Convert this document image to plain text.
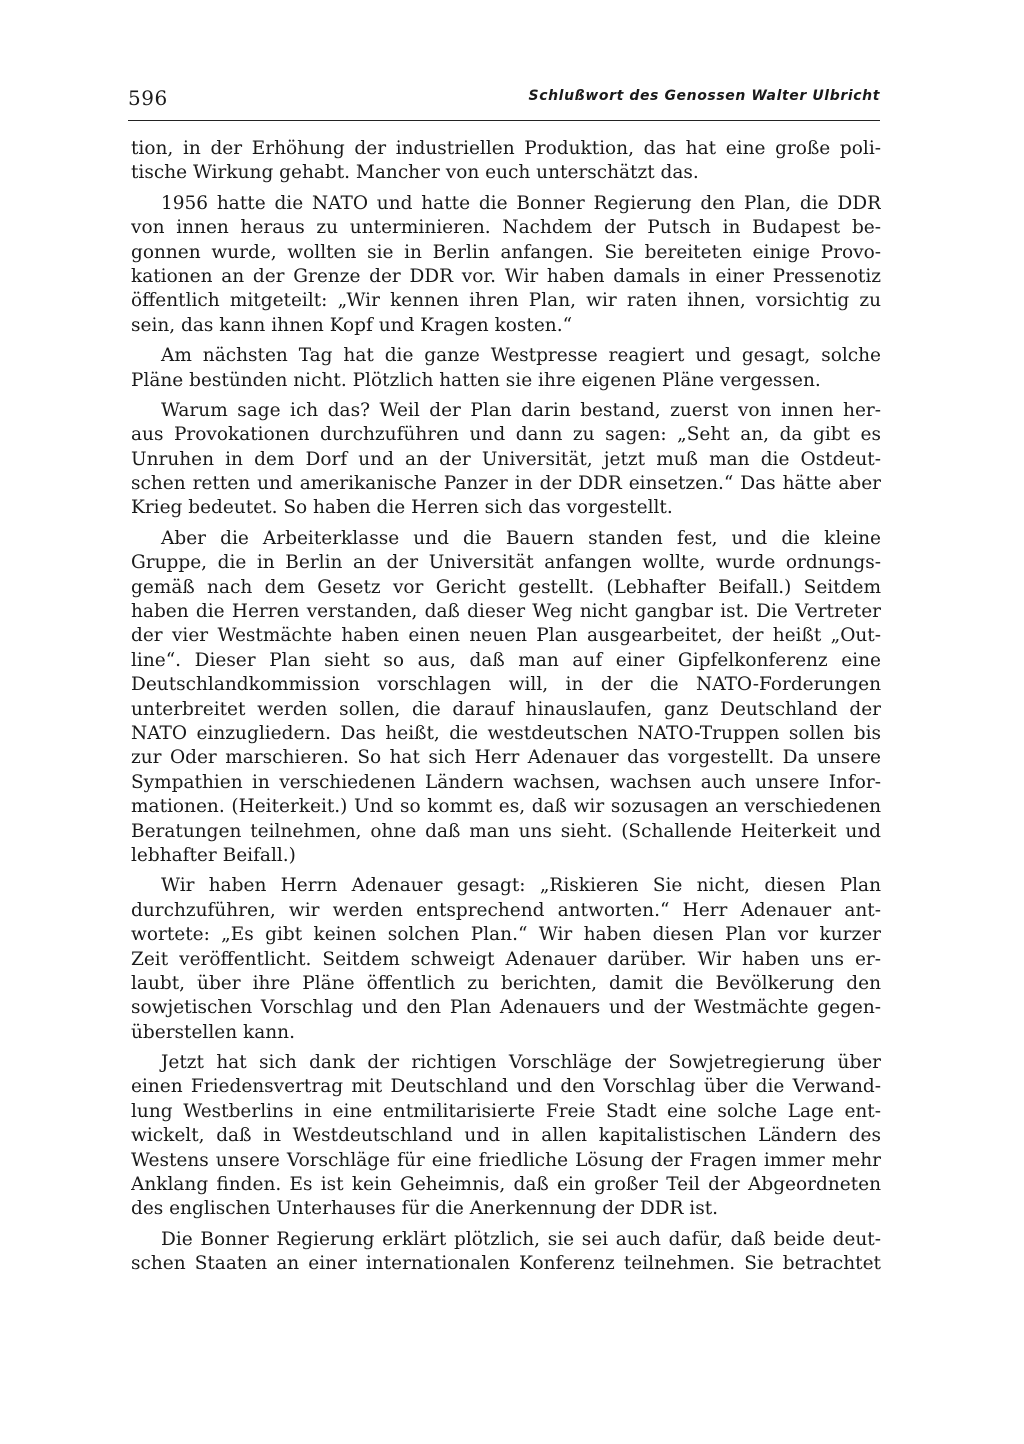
596	Schlußwort des Genossen Walter Ulbricht
tion, in der Erhöhung der industriellen Produktion, das hat eine große poli-
tische Wirkung gehabt. Mancher von euch unterschätzt das.
1956 hatte die NATO und hatte die Bonner Regierung den Plan, die DDR
von innen heraus zu unterminieren. Nachdem der Putsch in Budapest be-
gonnen wurde, wollten sie in Berlin anfangen. Sie bereiteten einige Provo-
kationen an der Grenze der DDR vor. Wir haben damals in einer Pressenotiz
öffentlich mitgeteilt: „Wir kennen ihren Plan, wir raten ihnen, vorsichtig zu
sein, das kann ihnen Kopf und Kragen kosten.“
Am nächsten Tag hat die ganze Westpresse reagiert und gesagt, solche
Pläne bestünden nicht. Plötzlich hatten sie ihre eigenen Pläne vergessen.
Warum sage ich das? Weil der Plan darin bestand, zuerst von innen her-
aus Provokationen durchzuführen und dann zu sagen: „Seht an, da gibt es
Unruhen in dem Dorf und an der Universität, jetzt muß man die Ostdeut-
schen retten und amerikanische Panzer in der DDR einsetzen.“ Das hätte aber
Krieg bedeutet. So haben die Herren sich das vorgestellt.
Aber die Arbeiterklasse und die Bauern standen fest, und die kleine
Gruppe, die in Berlin an der Universität anfangen wollte, wurde ordnungs-
gemäß nach dem Gesetz vor Gericht gestellt. (Lebhafter Beifall.) Seitdem
haben die Herren verstanden, daß dieser Weg nicht gangbar ist. Die Vertreter
der vier Westmächte haben einen neuen Plan ausgearbeitet, der heißt „Out-
line“. Dieser Plan sieht so aus, daß man auf einer Gipfelkonferenz eine
Deutschlandkommission vorschlagen will, in der die NATO-Forderungen
unterbreitet werden sollen, die darauf hinauslaufen, ganz Deutschland der
NATO einzugliedern. Das heißt, die westdeutschen NATO-Truppen sollen bis
zur Oder marschieren. So hat sich Herr Adenauer das vorgestellt. Da unsere
Sympathien in verschiedenen Ländern wachsen, wachsen auch unsere Infor-
mationen. (Heiterkeit.) Und so kommt es, daß wir sozusagen an verschiedenen
Beratungen teilnehmen, ohne daß man uns sieht. (Schallende Heiterkeit und
lebhafter Beifall.)
Wir haben Herrn Adenauer gesagt: „Riskieren Sie nicht, diesen Plan
durchzuführen, wir werden entsprechend antworten.“ Herr Adenauer ant-
wortete: „Es gibt keinen solchen Plan.“ Wir haben diesen Plan vor kurzer
Zeit veröffentlicht. Seitdem schweigt Adenauer darüber. Wir haben uns er-
laubt, über ihre Pläne öffentlich zu berichten, damit die Bevölkerung den
sowjetischen Vorschlag und den Plan Adenauers und der Westmächte gegen-
überstellen kann.
Jetzt hat sich dank der richtigen Vorschläge der Sowjetregierung über
einen Friedensvertrag mit Deutschland und den Vorschlag über die Verwand-
lung Westberlins in eine entmilitarisierte Freie Stadt eine solche Lage ent-
wickelt, daß in Westdeutschland und in allen kapitalistischen Ländern des
Westens unsere Vorschläge für eine friedliche Lösung der Fragen immer mehr
Anklang finden. Es ist kein Geheimnis, daß ein großer Teil der Abgeordneten
des englischen Unterhauses für die Anerkennung der DDR ist.
Die Bonner Regierung erklärt plötzlich, sie sei auch dafür, daß beide deut-
schen Staaten an einer internationalen Konferenz teilnehmen. Sie betrachtet
